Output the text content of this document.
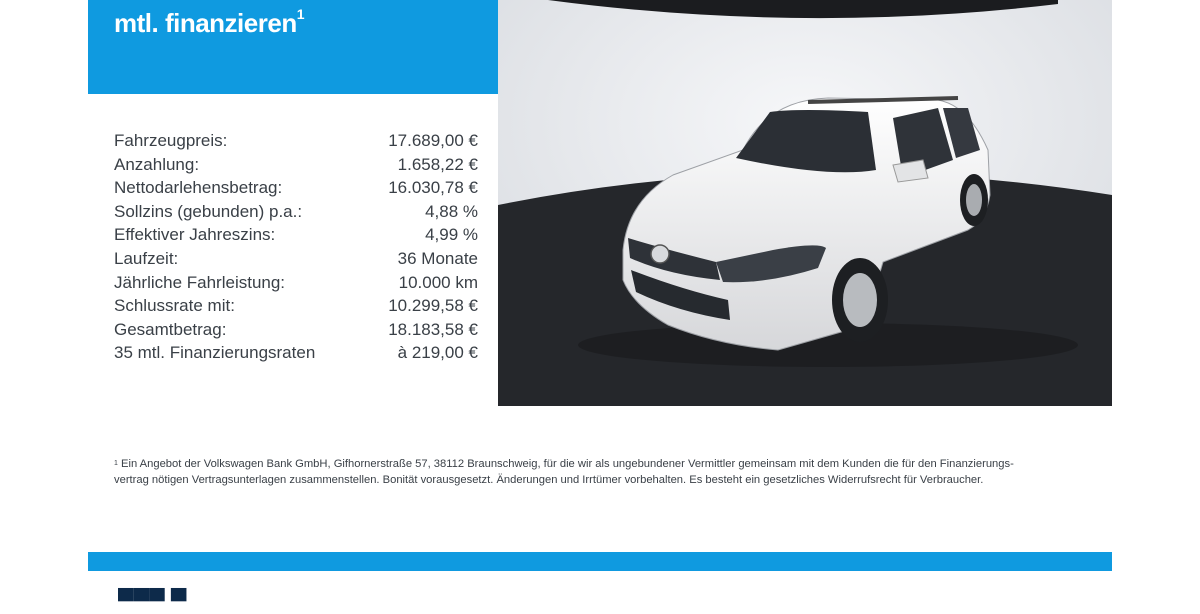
mtl. finanzieren$^1$
Fahrzeugpreis:	17.689,00 €
Anzahlung:	1.658,22 €
Nettodarlehensbetrag:	16.030,78 €
Sollzins (gebunden) p.a.:	4,88 %
Effektiver Jahreszins:	4,99 %
Laufzeit:	36 Monate
Jährliche Fahrleistung:	10.000 km
Schlussrate mit:	10.299,58 €
Gesamtbetrag:	18.183,58 €
35 mtl. Finanzierungsraten	à 219,00 €
$^1$ Ein Angebot der Volkswagen Bank GmbH, Gifhornerstraße 57, 38112 Braunschweig, für die wir als ungebundener Vermittler gemeinsam mit dem Kunden die für den Finanzierungs-vertrag nötigen Vertragsunterlagen zusammenstellen. Bonität vorausgesetzt. Änderungen und Irrtümer vorbehalten. Es besteht ein gesetzliches Widerrufsrecht für Verbraucher.
▀▀▀ ▀
